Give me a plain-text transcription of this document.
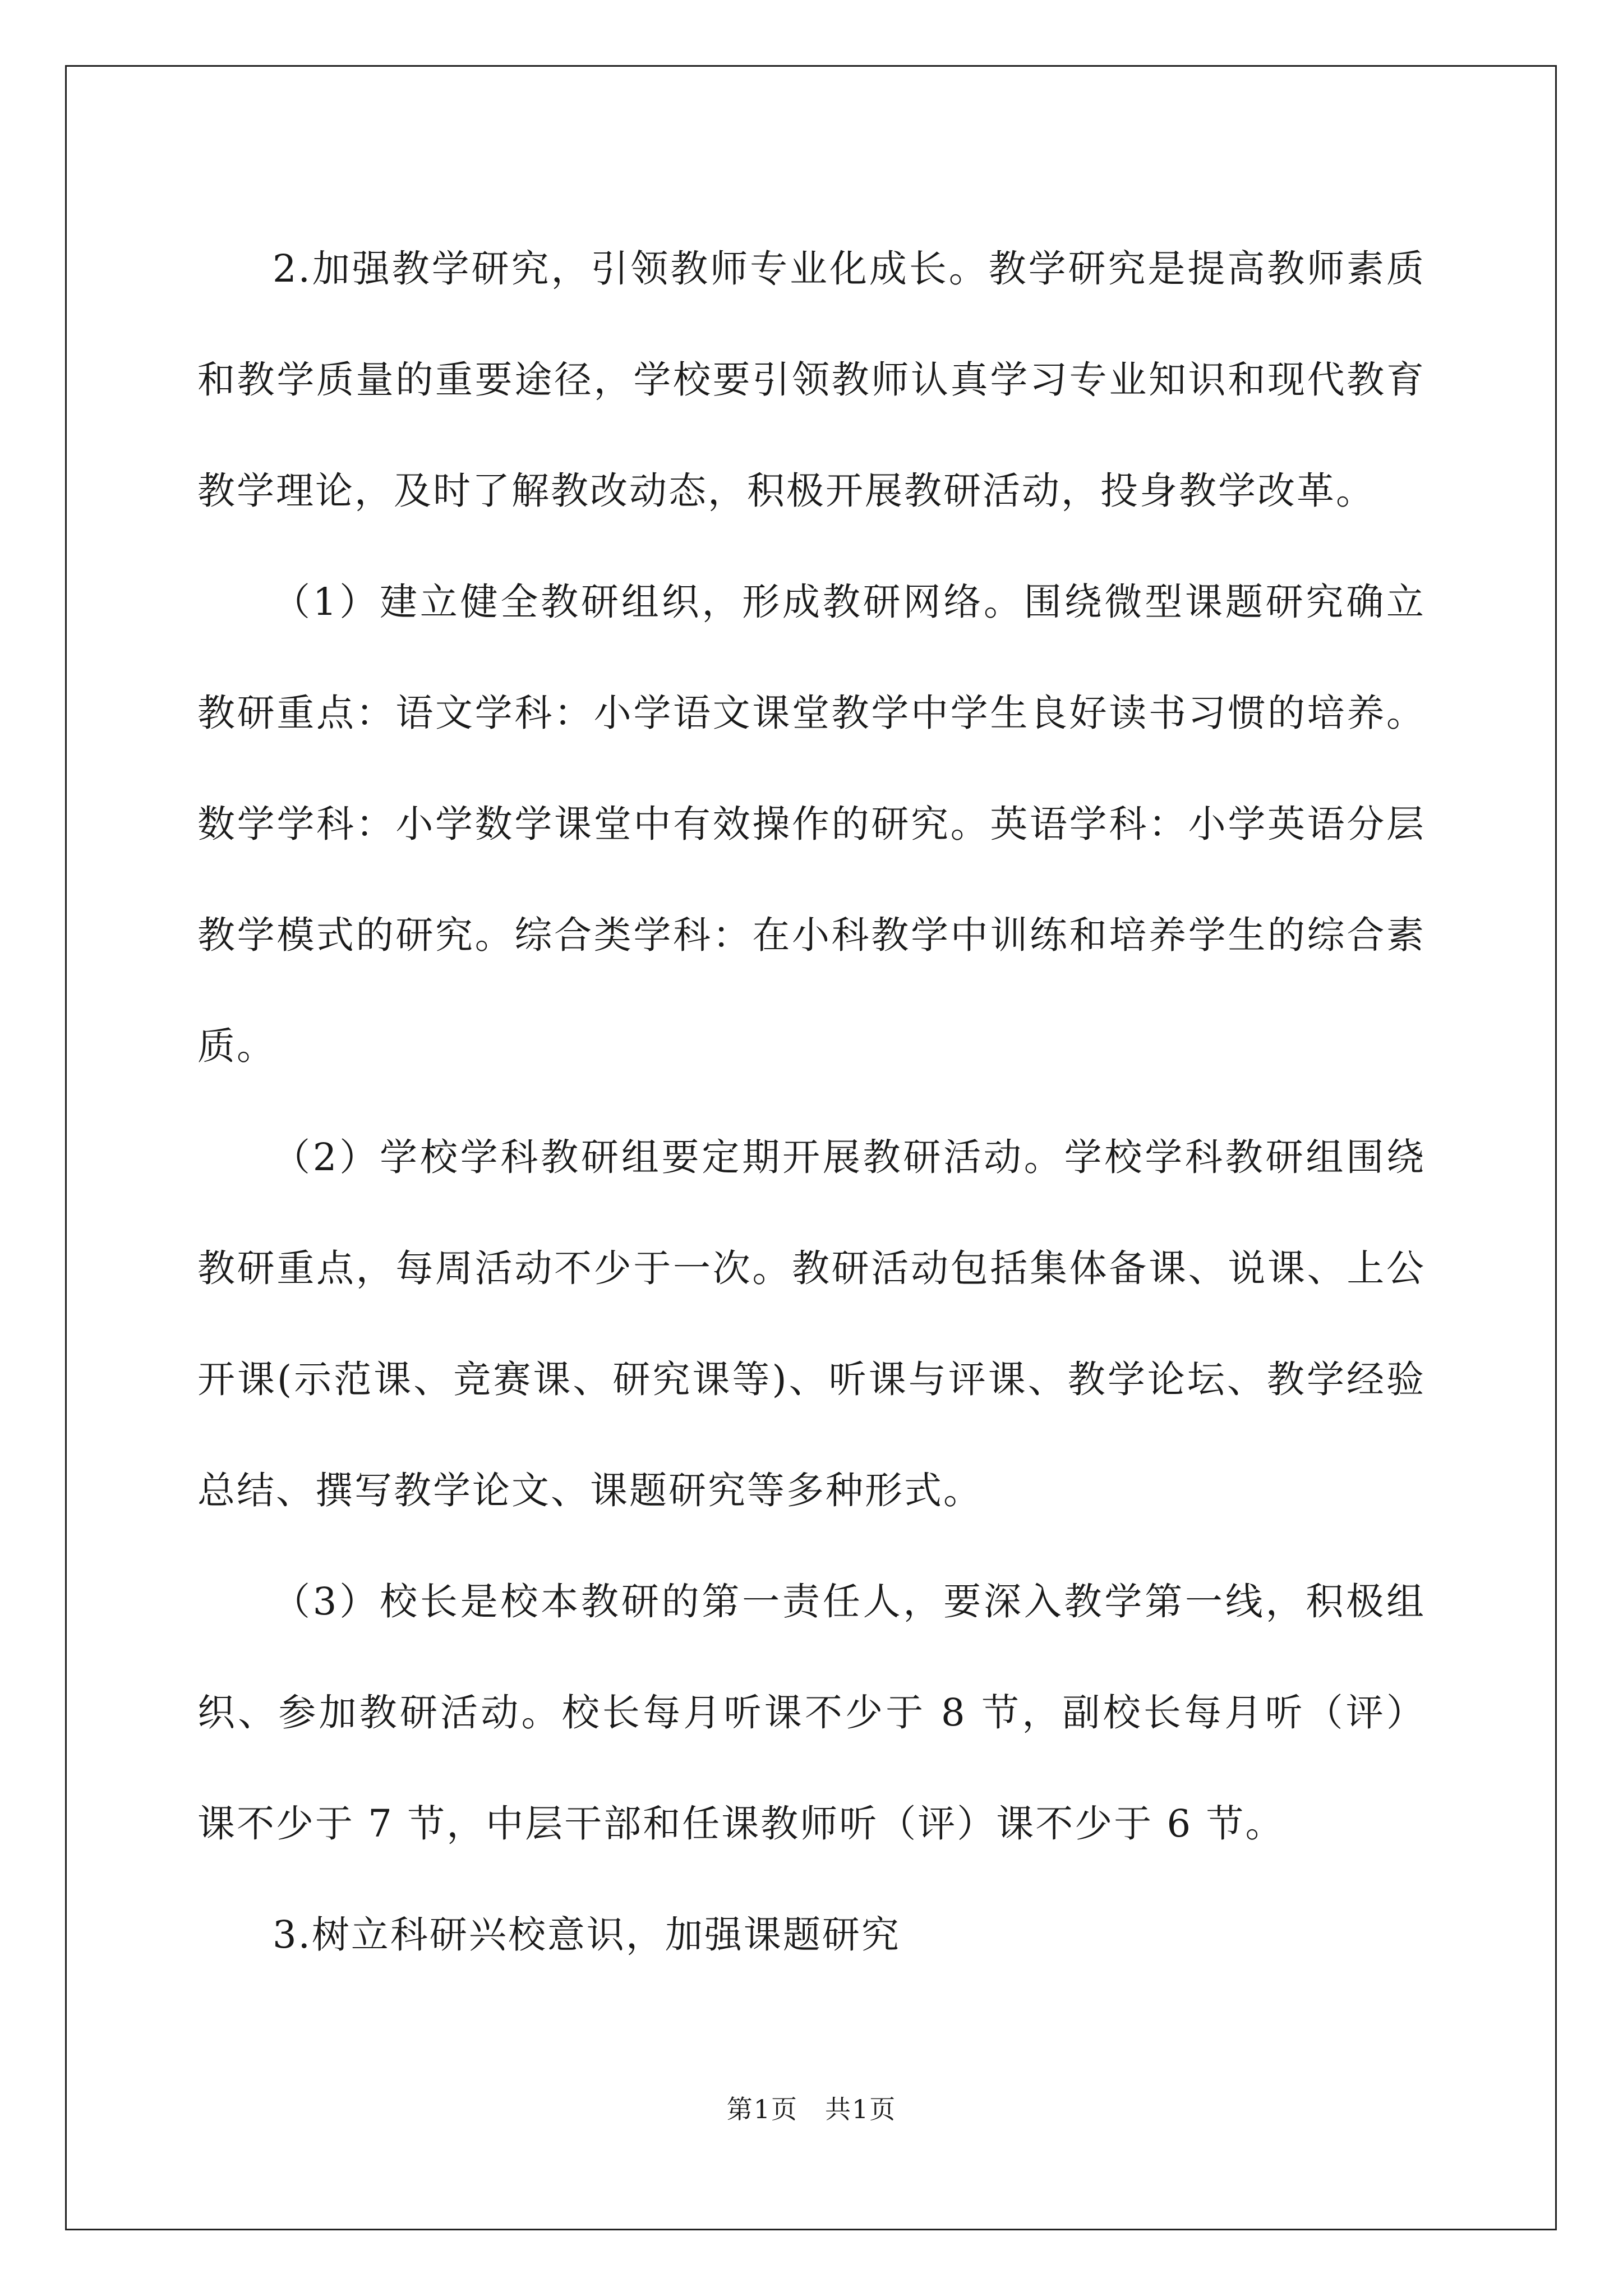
2.加强教学研究，引领教师专业化成长。教学研究是提高教师素质和教学质量的重要途径，学校要引领教师认真学习专业知识和现代教育教学理论，及时了解教改动态，积极开展教研活动，投身教学改革。

（1）建立健全教研组织，形成教研网络。围绕微型课题研究确立教研重点：语文学科：小学语文课堂教学中学生良好读书习惯的培养。数学学科：小学数学课堂中有效操作的研究。英语学科：小学英语分层教学模式的研究。综合类学科：在小科教学中训练和培养学生的综合素质。

（2）学校学科教研组要定期开展教研活动。学校学科教研组围绕教研重点，每周活动不少于一次。教研活动包括集体备课、说课、上公开课(示范课、竞赛课、研究课等)、听课与评课、教学论坛、教学经验总结、撰写教学论文、课题研究等多种形式。

（3）校长是校本教研的第一责任人，要深入教学第一线，积极组织、参加教研活动。校长每月听课不少于 8 节，副校长每月听（评）课不少于 7 节，中层干部和任课教师听（评）课不少于 6 节。

3.树立科研兴校意识，加强课题研究

第1页　共1页
